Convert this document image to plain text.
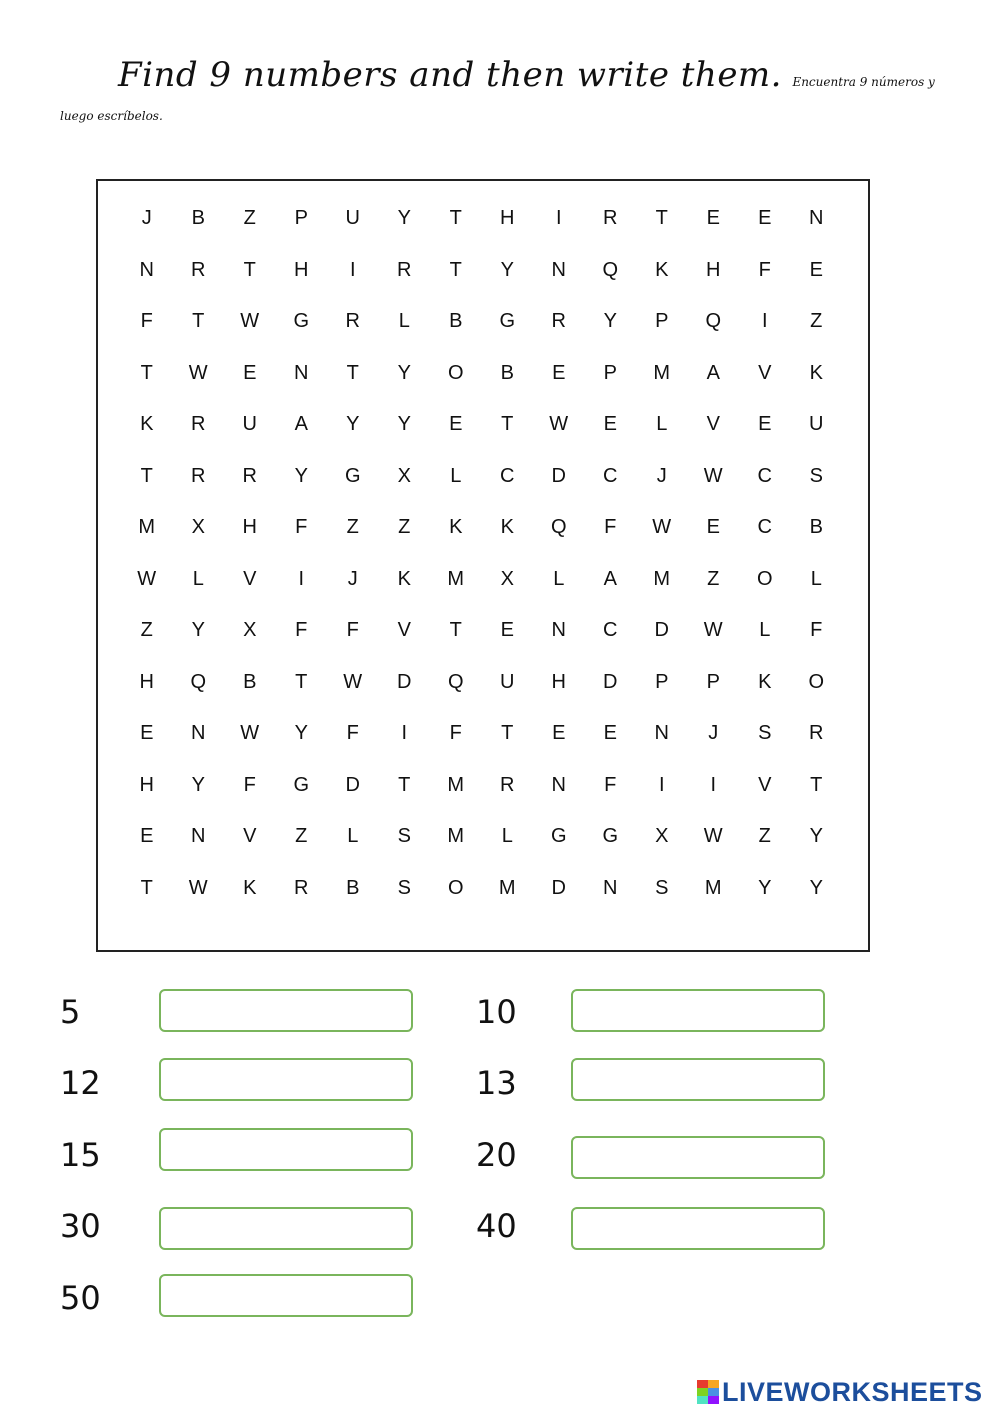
Find 9 numbers and then write them. Encuentra 9 números y luego escríbelos.
J	B	Z	P	U	Y	T	H	I	R	T	E	E	N
N	R	T	H	I	R	T	Y	N	Q	K	H	F	E
F	T	W	G	R	L	B	G	R	Y	P	Q	I	Z
T	W	E	N	T	Y	O	B	E	P	M	A	V	K
K	R	U	A	Y	Y	E	T	W	E	L	V	E	U
T	R	R	Y	G	X	L	C	D	C	J	W	C	S
M	X	H	F	Z	Z	K	K	Q	F	W	E	C	B
W	L	V	I	J	K	M	X	L	A	M	Z	O	L
Z	Y	X	F	F	V	T	E	N	C	D	W	L	F
H	Q	B	T	W	D	Q	U	H	D	P	P	K	O
E	N	W	Y	F	I	F	T	E	E	N	J	S	R
H	Y	F	G	D	T	M	R	N	F	I	I	V	T
E	N	V	Z	L	S	M	L	G	G	X	W	Z	Y
T	W	K	R	B	S	O	M	D	N	S	M	Y	Y
5	10
12	13
15	20
30	40
50
LIVEWORKSHEETS
